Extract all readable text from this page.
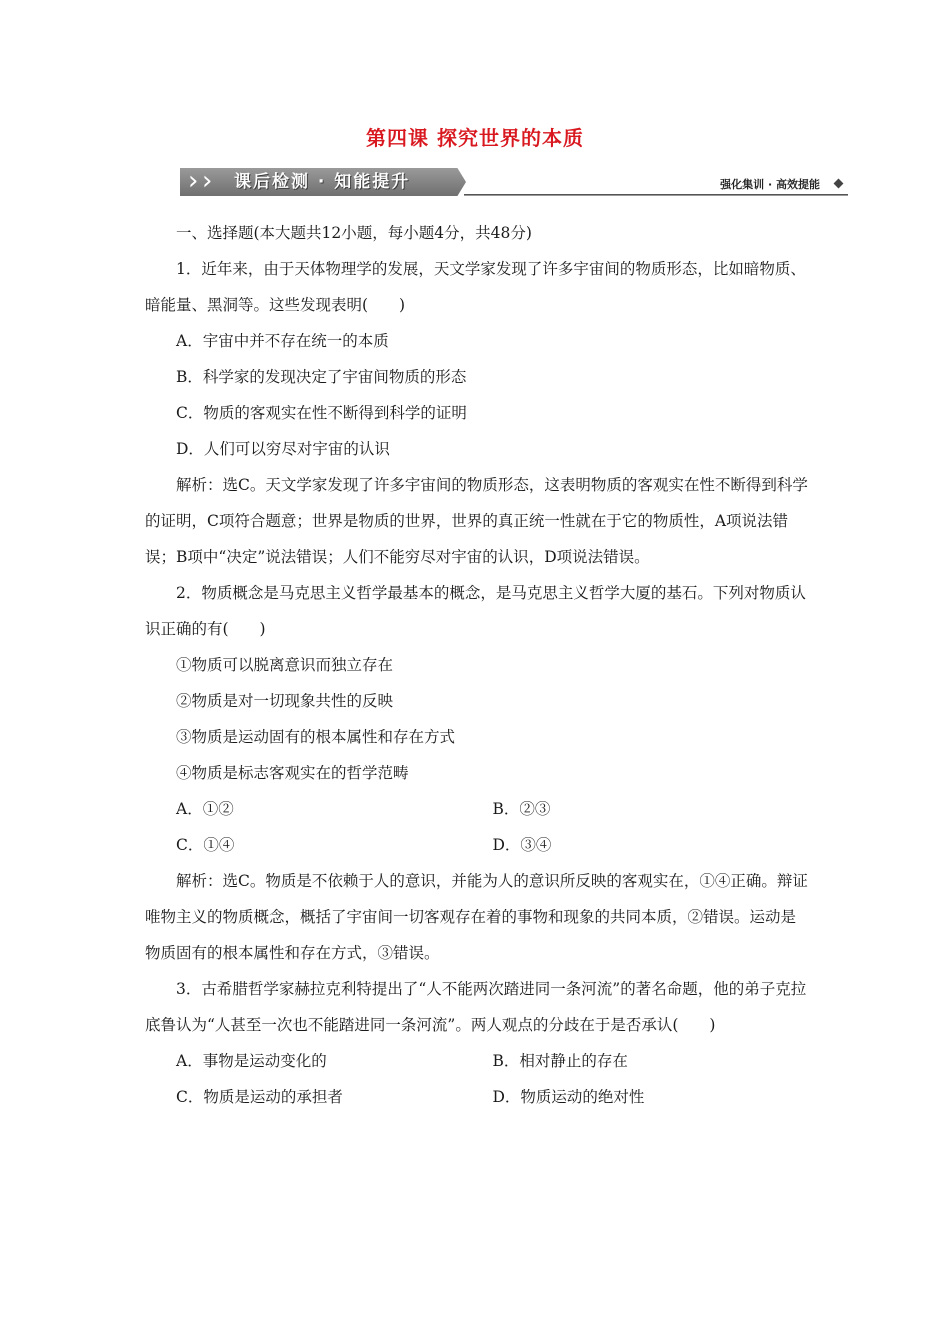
第四课 探究世界的本质
› ›	课后检测 · 知能提升	强化集训 · 高效提能

一、选择题(本大题共12小题，每小题4分，共48分)

1．近年来，由于天体物理学的发展，天文学家发现了许多宇宙间的物质形态，比如暗物质、暗能量、黑洞等。这些发现表明(　　)

A．宇宙中并不存在统一的本质

B．科学家的发现决定了宇宙间物质的形态

C．物质的客观实在性不断得到科学的证明

D．人们可以穷尽对宇宙的认识

解析：选C。天文学家发现了许多宇宙间的物质形态，这表明物质的客观实在性不断得到科学的证明，C项符合题意；世界是物质的世界，世界的真正统一性就在于它的物质性，A项说法错误；B项中“决定”说法错误；人们不能穷尽对宇宙的认识，D项说法错误。

2．物质概念是马克思主义哲学最基本的概念，是马克思主义哲学大厦的基石。下列对物质认识正确的有(　　)

①物质可以脱离意识而独立存在

②物质是对一切现象共性的反映

③物质是运动固有的根本属性和存在方式

④物质是标志客观实在的哲学范畴

A．①②	B．②③
C．①④	D．③④

解析：选C。物质是不依赖于人的意识，并能为人的意识所反映的客观实在，①④正确。辩证唯物主义的物质概念，概括了宇宙间一切客观存在着的事物和现象的共同本质，②错误。运动是物质固有的根本属性和存在方式，③错误。

3．古希腊哲学家赫拉克利特提出了“人不能两次踏进同一条河流”的著名命题，他的弟子克拉底鲁认为“人甚至一次也不能踏进同一条河流”。两人观点的分歧在于是否承认(　　)

A．事物是运动变化的	B．相对静止的存在
C．物质是运动的承担者	D．物质运动的绝对性
